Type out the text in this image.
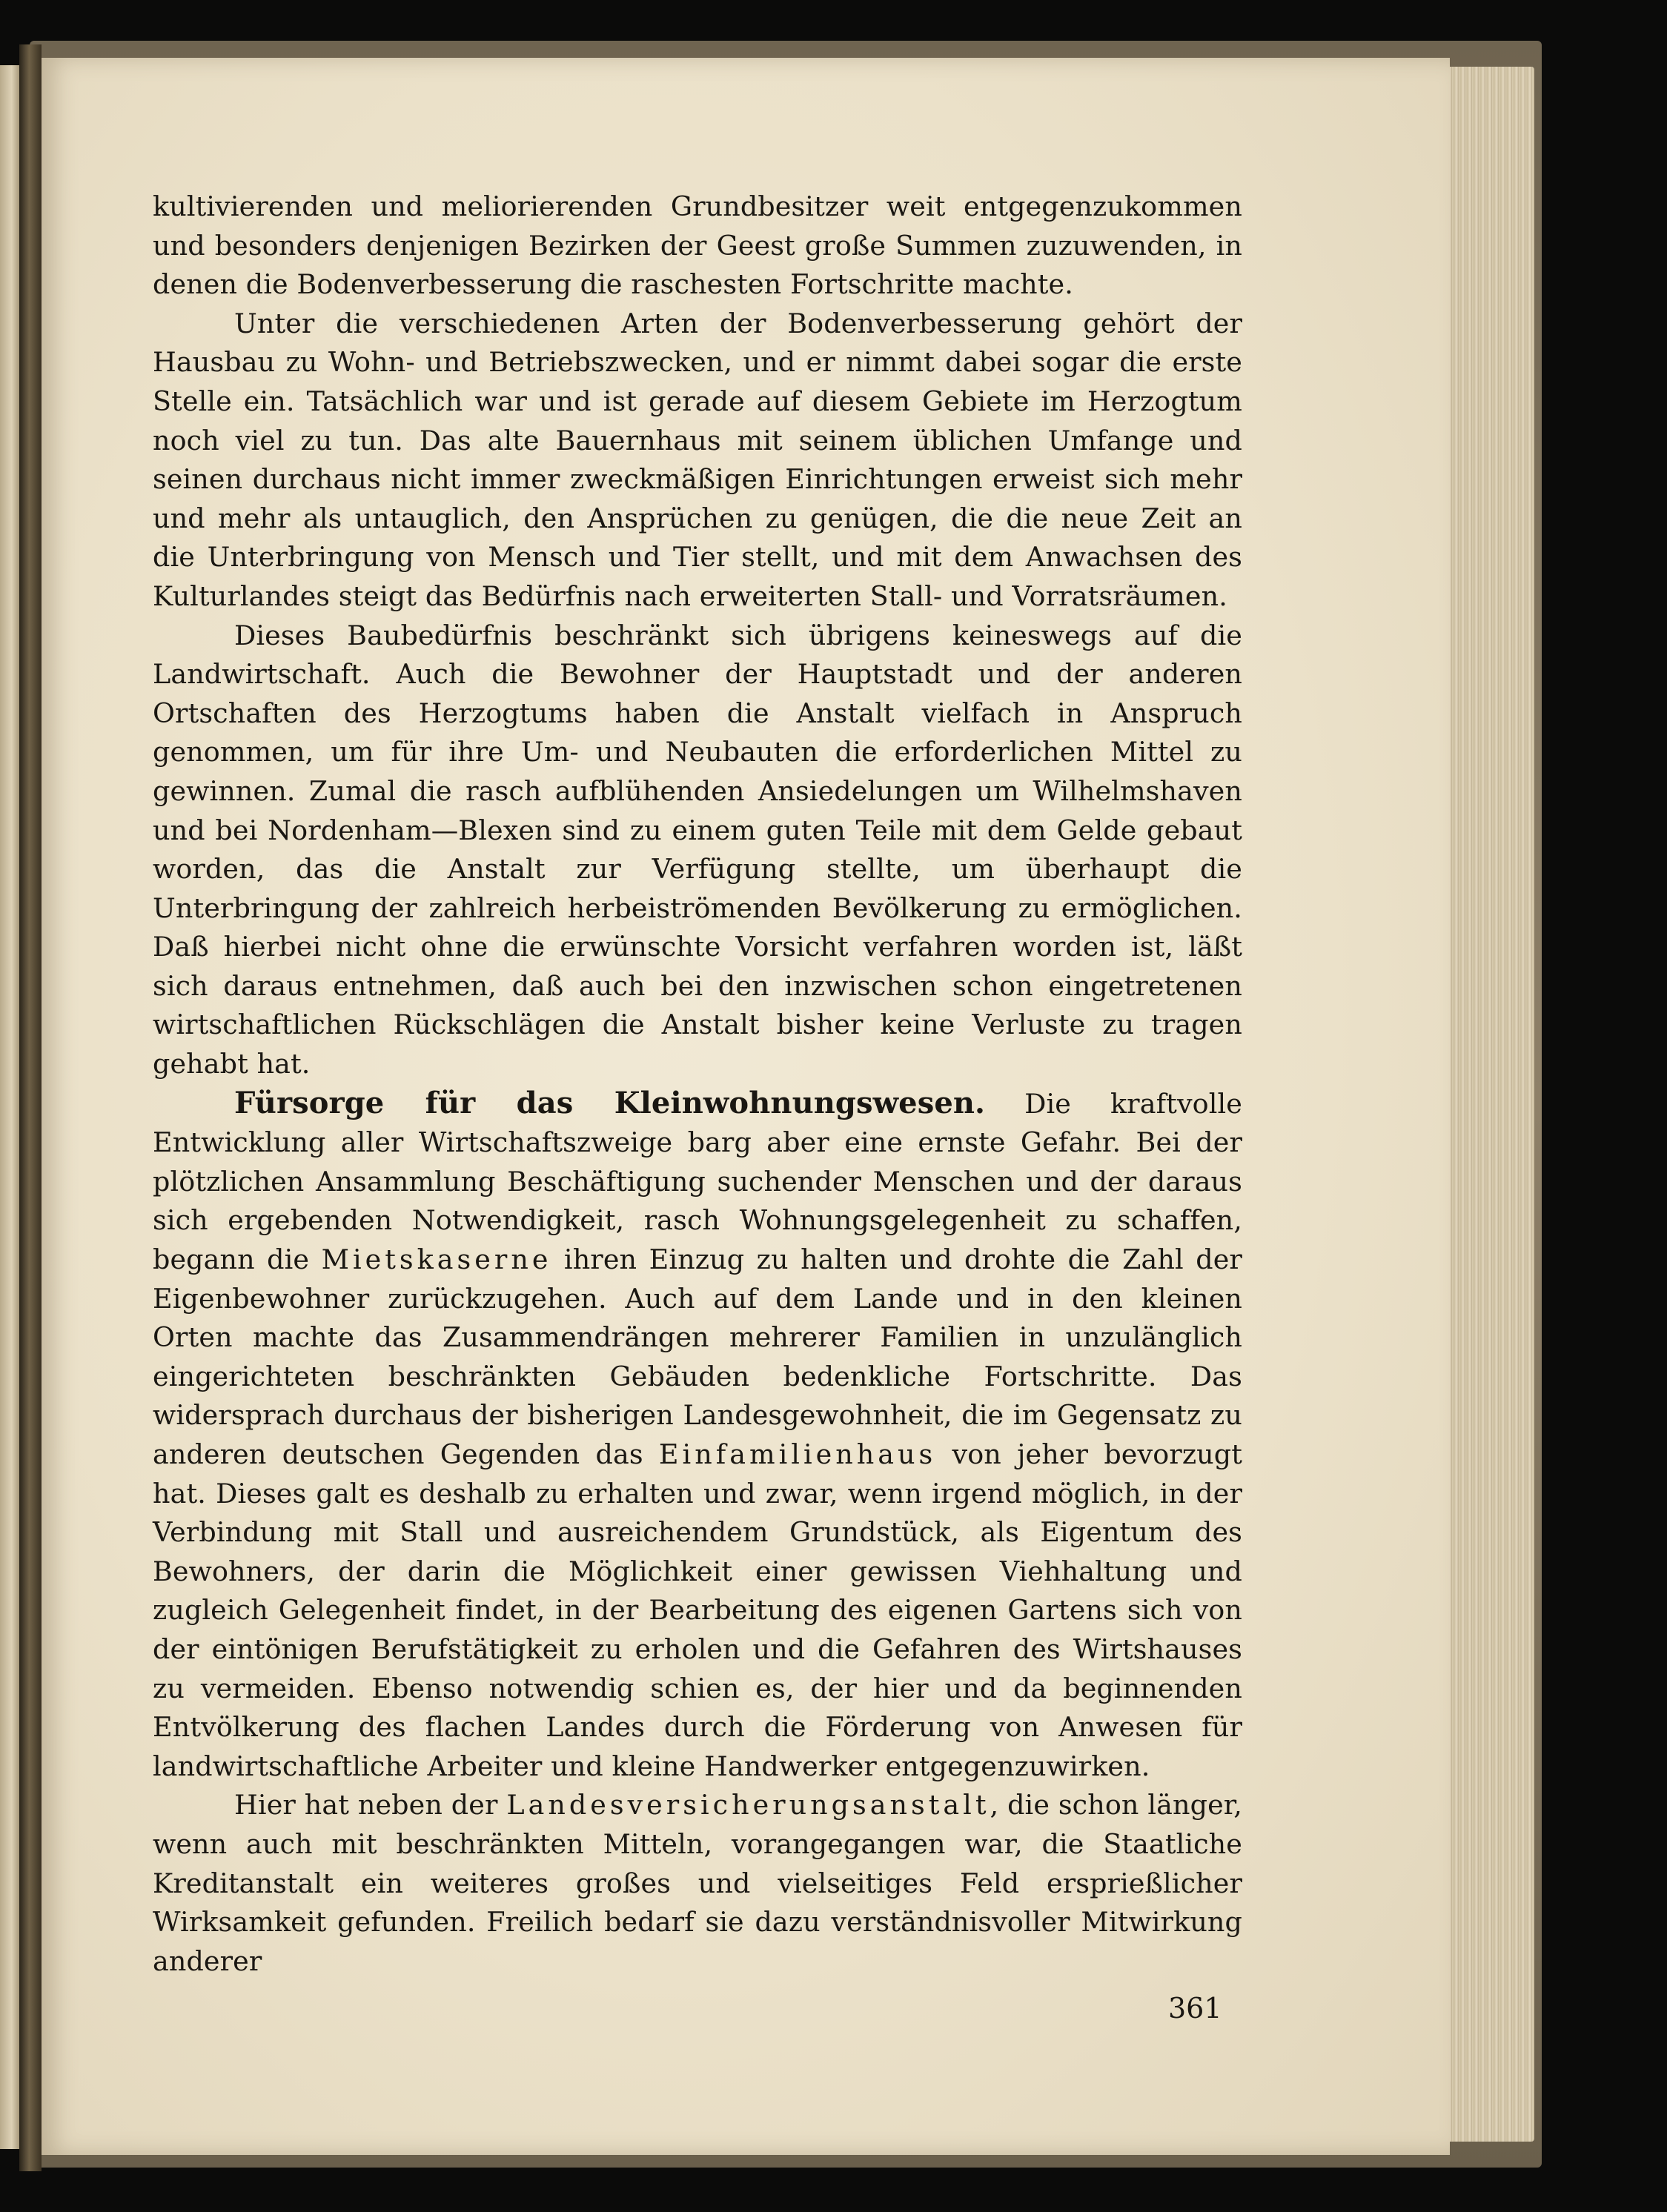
kultivierenden und meliorierenden Grundbesitzer weit entgegenzukommen und besonders denjenigen Bezirken der Geest große Summen zuzuwenden, in denen die Bodenverbesserung die raschesten Fortschritte machte.

Unter die verschiedenen Arten der Bodenverbesserung gehört der Hausbau zu Wohn- und Betriebszwecken, und er nimmt dabei sogar die erste Stelle ein. Tatsächlich war und ist gerade auf diesem Gebiete im Herzogtum noch viel zu tun. Das alte Bauernhaus mit seinem üblichen Umfange und seinen durchaus nicht immer zweckmäßigen Einrichtungen erweist sich mehr und mehr als untauglich, den Ansprüchen zu genügen, die die neue Zeit an die Unterbringung von Mensch und Tier stellt, und mit dem Anwachsen des Kulturlandes steigt das Bedürfnis nach erweiterten Stall- und Vorratsräumen.

Dieses Baubedürfnis beschränkt sich übrigens keineswegs auf die Landwirtschaft. Auch die Bewohner der Hauptstadt und der anderen Ortschaften des Herzogtums haben die Anstalt vielfach in Anspruch genommen, um für ihre Um- und Neubauten die erforderlichen Mittel zu gewinnen. Zumal die rasch aufblühenden Ansiedelungen um Wilhelmshaven und bei Nordenham—Blexen sind zu einem guten Teile mit dem Gelde gebaut worden, das die Anstalt zur Verfügung stellte, um überhaupt die Unterbringung der zahlreich herbeiströmenden Bevölkerung zu ermöglichen. Daß hierbei nicht ohne die erwünschte Vorsicht verfahren worden ist, läßt sich daraus entnehmen, daß auch bei den inzwischen schon eingetretenen wirtschaftlichen Rückschlägen die Anstalt bisher keine Verluste zu tragen gehabt hat.

Fürsorge für das Kleinwohnungswesen. Die kraftvolle Entwicklung aller Wirtschaftszweige barg aber eine ernste Gefahr. Bei der plötzlichen Ansammlung Beschäftigung suchender Menschen und der daraus sich ergebenden Notwendigkeit, rasch Wohnungsgelegenheit zu schaffen, begann die Mietskaserne ihren Einzug zu halten und drohte die Zahl der Eigenbewohner zurückzugehen. Auch auf dem Lande und in den kleinen Orten machte das Zusammendrängen mehrerer Familien in unzulänglich eingerichteten beschränkten Gebäuden bedenkliche Fortschritte. Das widersprach durchaus der bisherigen Landesgewohnheit, die im Gegensatz zu anderen deutschen Gegenden das Einfamilienhaus von jeher bevorzugt hat. Dieses galt es deshalb zu erhalten und zwar, wenn irgend möglich, in der Verbindung mit Stall und ausreichendem Grundstück, als Eigentum des Bewohners, der darin die Möglichkeit einer gewissen Viehhaltung und zugleich Gelegenheit findet, in der Bearbeitung des eigenen Gartens sich von der eintönigen Berufstätigkeit zu erholen und die Gefahren des Wirtshauses zu vermeiden. Ebenso notwendig schien es, der hier und da beginnenden Entvölkerung des flachen Landes durch die Förderung von Anwesen für landwirtschaftliche Arbeiter und kleine Handwerker entgegenzuwirken.

Hier hat neben der Landesversicherungsanstalt, die schon länger, wenn auch mit beschränkten Mitteln, vorangegangen war, die Staatliche Kreditanstalt ein weiteres großes und vielseitiges Feld ersprießlicher Wirksamkeit gefunden. Freilich bedarf sie dazu verständnisvoller Mitwirkung anderer

361
